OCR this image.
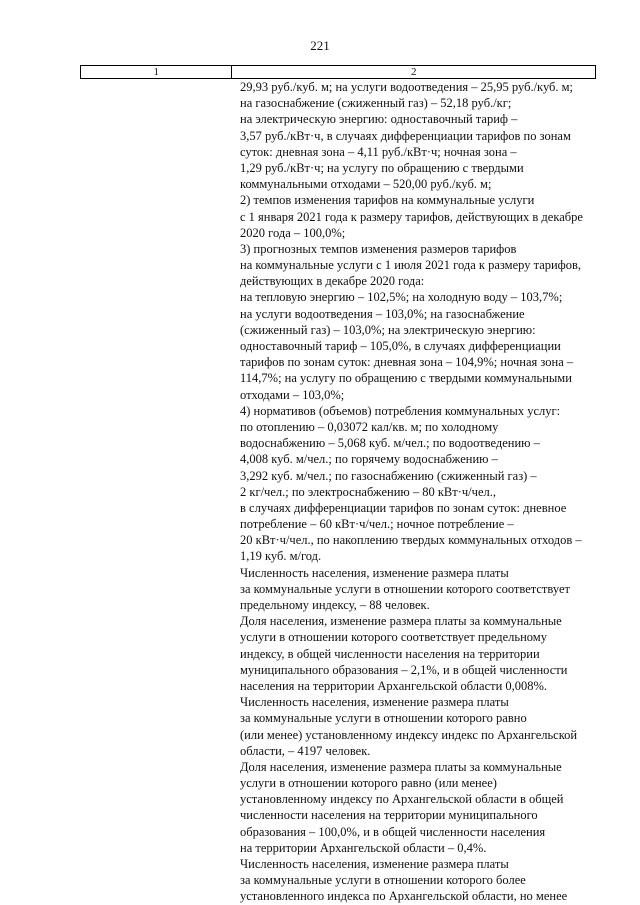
221
1	2
29,93 руб./куб. м; на услуги водоотведения – 25,95 руб./куб. м;
на газоснабжение (сжиженный газ) – 52,18 руб./кг;
на электрическую энергию: одноставочный тариф –
3,57 руб./кВт·ч, в случаях дифференциации тарифов по зонам
суток: дневная зона – 4,11 руб./кВт·ч; ночная зона –
1,29 руб./кВт·ч; на услугу по обращению с твердыми
коммунальными отходами – 520,00 руб./куб. м;
2) темпов изменения тарифов на коммунальные услуги
с 1 января 2021 года к размеру тарифов, действующих в декабре
2020 года – 100,0%;
3) прогнозных темпов изменения размеров тарифов
на коммунальные услуги с 1 июля 2021 года к размеру тарифов,
действующих в декабре 2020 года:
на тепловую энергию – 102,5%; на холодную воду – 103,7%;
на услуги водоотведения – 103,0%; на газоснабжение
(сжиженный газ) – 103,0%; на электрическую энергию:
одноставочный тариф – 105,0%, в случаях дифференциации
тарифов по зонам суток: дневная зона – 104,9%; ночная зона –
114,7%; на услугу по обращению с твердыми коммунальными
отходами – 103,0%;
4) нормативов (объемов) потребления коммунальных услуг:
по отоплению – 0,03072 кал/кв. м; по холодному
водоснабжению – 5,068 куб. м/чел.; по водоотведению –
4,008 куб. м/чел.; по горячему водоснабжению –
3,292 куб. м/чел.; по газоснабжению (сжиженный газ) –
2 кг/чел.; по электроснабжению – 80 кВт·ч/чел.,
в случаях дифференциации тарифов по зонам суток: дневное
потребление – 60 кВт·ч/чел.; ночное потребление –
20 кВт·ч/чел., по накоплению твердых коммунальных отходов –
1,19 куб. м/год.
Численность населения, изменение размера платы
за коммунальные услуги в отношении которого соответствует
предельному индексу, – 88 человек.
Доля населения, изменение размера платы за коммунальные
услуги в отношении которого соответствует предельному
индексу, в общей численности населения на территории
муниципального образования – 2,1%, и в общей численности
населения на территории Архангельской области 0,008%.
Численность населения, изменение размера платы
за коммунальные услуги в отношении которого равно
(или менее) установленному индексу индекс по Архангельской
области, – 4197 человек.
Доля населения, изменение размера платы за коммунальные
услуги в отношении которого равно (или менее)
установленному индексу по Архангельской области в общей
численности населения на территории муниципального
образования – 100,0%, и в общей численности населения
на территории Архангельской области – 0,4%.
Численность населения, изменение размера платы
за коммунальные услуги в отношении которого более
установленного индекса по Архангельской области, но менее
